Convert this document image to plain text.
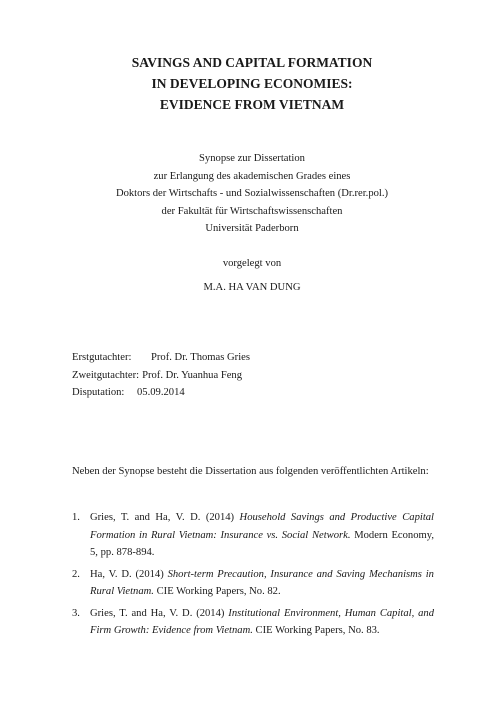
SAVINGS AND CAPITAL FORMATION
IN DEVELOPING ECONOMIES:
EVIDENCE FROM VIETNAM
Synopse zur Dissertation
zur Erlangung des akademischen Grades eines
Doktors der Wirtschafts - und Sozialwissenschaften (Dr.rer.pol.)
der Fakultät für Wirtschaftswissenschaften
Universität Paderborn
vorgelegt von
M.A. HA VAN DUNG
Erstgutachter:	Prof. Dr. Thomas Gries
Zweitgutachter: Prof. Dr. Yuanhua Feng
Disputation:	05.09.2014
Neben der Synopse besteht die Dissertation aus folgenden veröffentlichten Artikeln:
1. Gries, T. and Ha, V. D. (2014) Household Savings and Productive Capital Formation in Rural Vietnam: Insurance vs. Social Network. Modern Economy, 5, pp. 878-894.
2. Ha, V. D. (2014) Short-term Precaution, Insurance and Saving Mechanisms in Rural Vietnam. CIE Working Papers, No. 82.
3. Gries, T. and Ha, V. D. (2014) Institutional Environment, Human Capital, and Firm Growth: Evidence from Vietnam. CIE Working Papers, No. 83.
